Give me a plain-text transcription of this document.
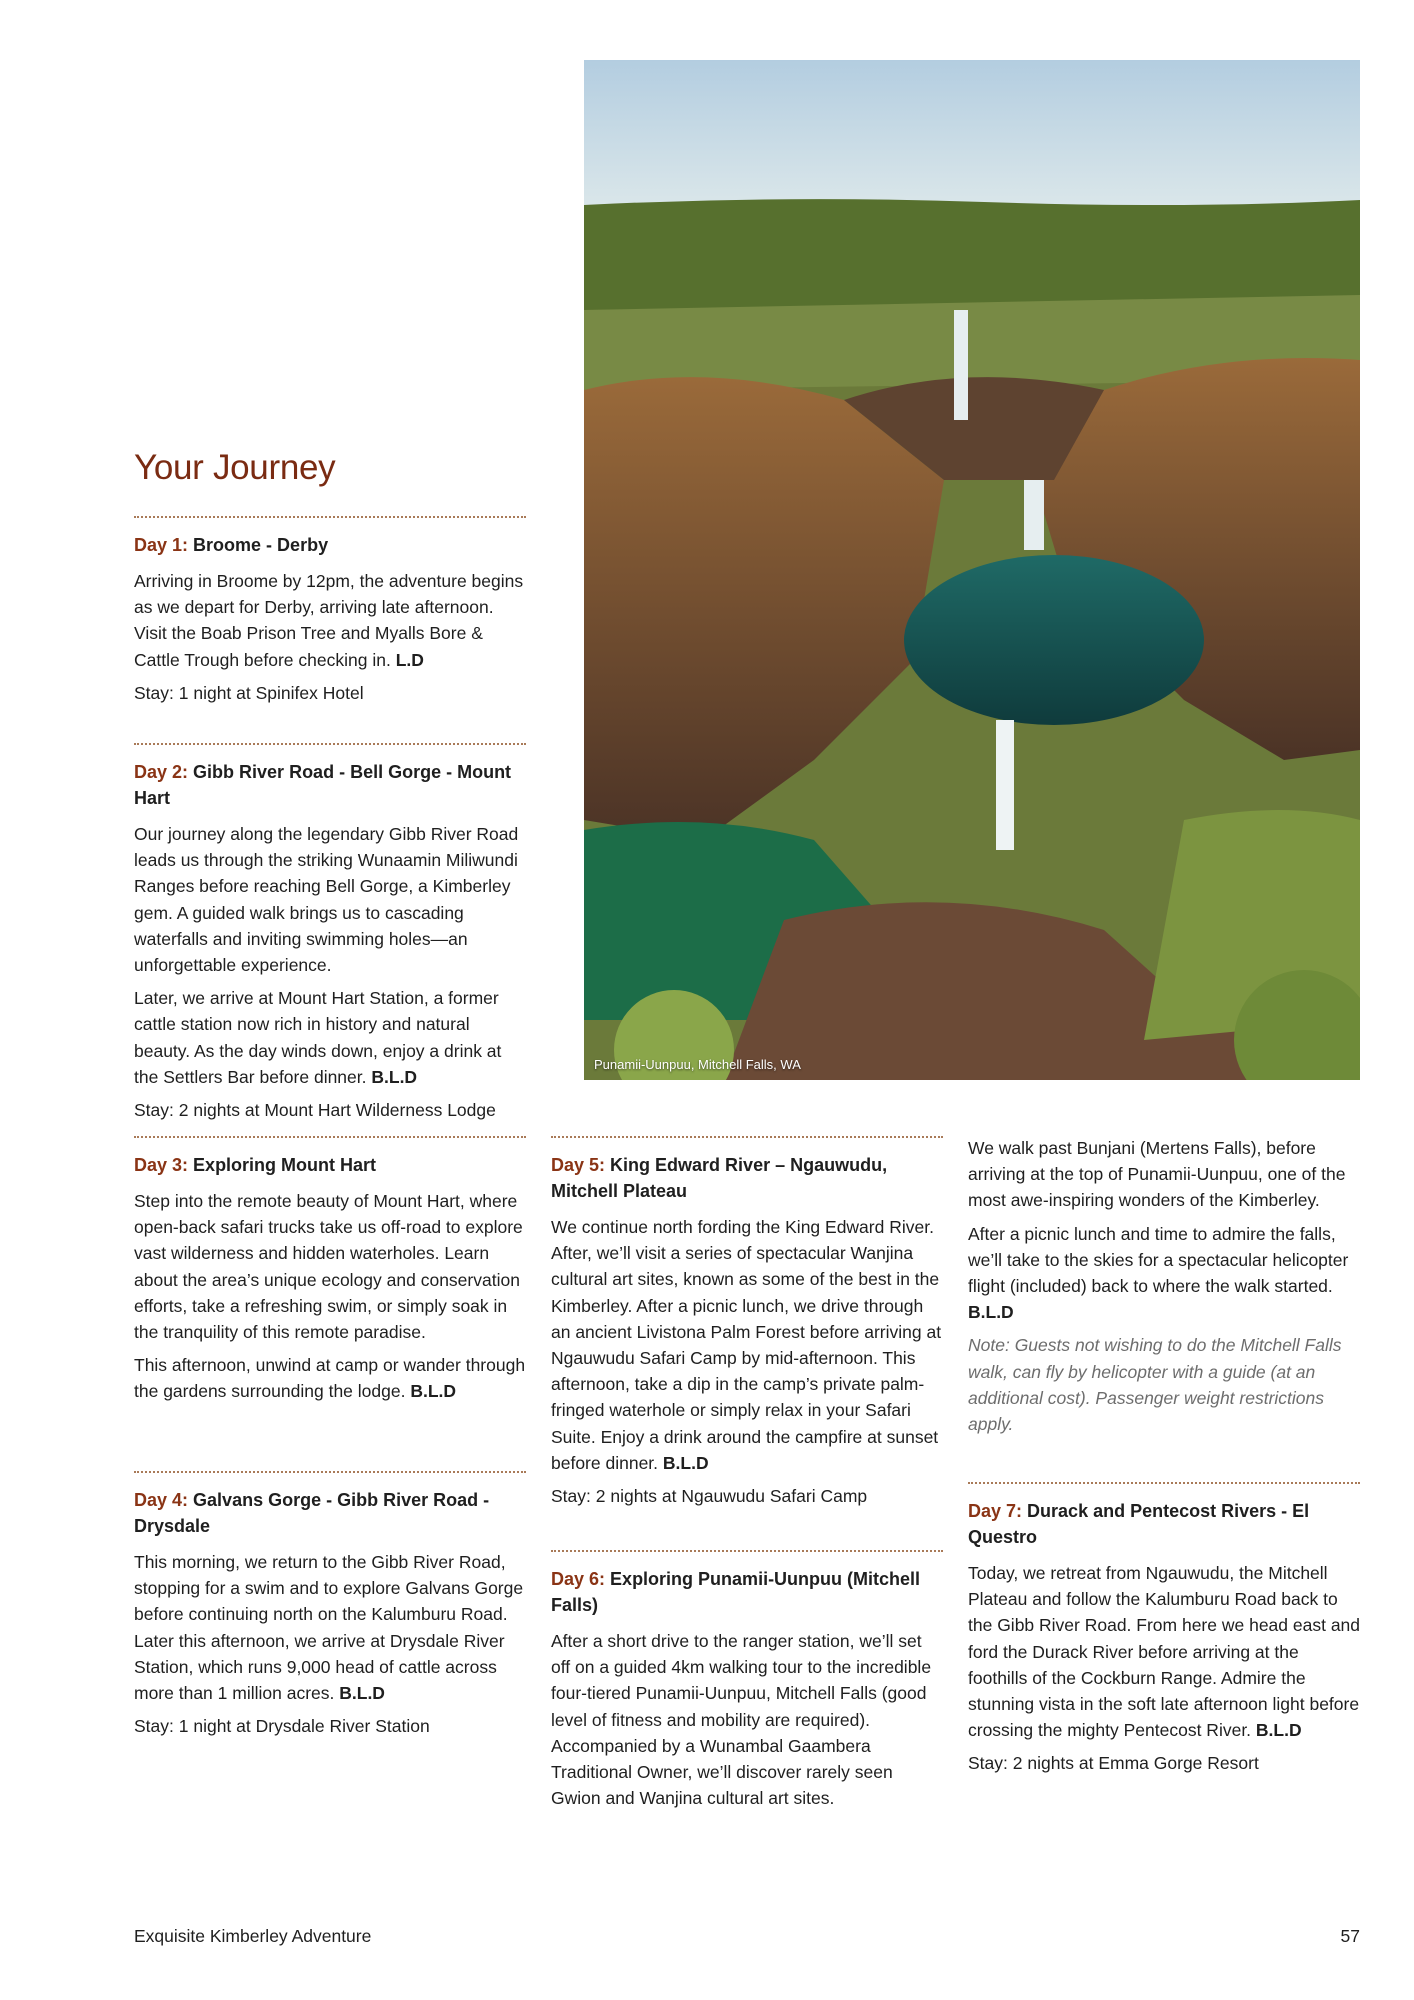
Punamii-Uunpuu, Mitchell Falls, WA
Your Journey
Day 1: Broome - Derby

Arriving in Broome by 12pm, the adventure begins as we depart for Derby, arriving late afternoon. Visit the Boab Prison Tree and Myalls Bore & Cattle Trough before checking in. L.D

Stay: 1 night at Spinifex Hotel

Day 2: Gibb River Road - Bell Gorge - Mount Hart

Our journey along the legendary Gibb River Road leads us through the striking Wunaamin Miliwundi Ranges before reaching Bell Gorge, a Kimberley gem. A guided walk brings us to cascading waterfalls and inviting swimming holes—an unforgettable experience.

Later, we arrive at Mount Hart Station, a former cattle station now rich in history and natural beauty. As the day winds down, enjoy a drink at the Settlers Bar before dinner. B.L.D

Stay: 2 nights at Mount Hart Wilderness Lodge

Day 3: Exploring Mount Hart

Step into the remote beauty of Mount Hart, where open-back safari trucks take us off-road to explore vast wilderness and hidden waterholes. Learn about the area’s unique ecology and conservation efforts, take a refreshing swim, or simply soak in the tranquility of this remote paradise.

This afternoon, unwind at camp or wander through the gardens surrounding the lodge. B.L.D

Day 4: Galvans Gorge - Gibb River Road - Drysdale

This morning, we return to the Gibb River Road, stopping for a swim and to explore Galvans Gorge before continuing north on the Kalumburu Road. Later this afternoon, we arrive at Drysdale River Station, which runs 9,000 head of cattle across more than 1 million acres. B.L.D

Stay: 1 night at Drysdale River Station

Day 5: King Edward River – Ngauwudu, Mitchell Plateau

We continue north fording the King Edward River. After, we’ll visit a series of spectacular Wanjina cultural art sites, known as some of the best in the Kimberley. After a picnic lunch, we drive through an ancient Livistona Palm Forest before arriving at Ngauwudu Safari Camp by mid-afternoon. This afternoon, take a dip in the camp’s private palm-fringed waterhole or simply relax in your Safari Suite. Enjoy a drink around the campfire at sunset before dinner. B.L.D

Stay: 2 nights at Ngauwudu Safari Camp

Day 6: Exploring Punamii-Uunpuu (Mitchell Falls)

After a short drive to the ranger station, we’ll set off on a guided 4km walking tour to the incredible four-tiered Punamii-Uunpuu, Mitchell Falls (good level of fitness and mobility are required). Accompanied by a Wunambal Gaambera Traditional Owner, we’ll discover rarely seen Gwion and Wanjina cultural art sites.

We walk past Bunjani (Mertens Falls), before arriving at the top of Punamii-Uunpuu, one of the most awe-inspiring wonders of the Kimberley.

After a picnic lunch and time to admire the falls, we’ll take to the skies for a spectacular helicopter flight (included) back to where the walk started. B.L.D

Note: Guests not wishing to do the Mitchell Falls walk, can fly by helicopter with a guide (at an additional cost). Passenger weight restrictions apply.

Day 7: Durack and Pentecost Rivers - El Questro

Today, we retreat from Ngauwudu, the Mitchell Plateau and follow the Kalumburu Road back to the Gibb River Road. From here we head east and ford the Durack River before arriving at the foothills of the Cockburn Range. Admire the stunning vista in the soft late afternoon light before crossing the mighty Pentecost River. B.L.D

Stay: 2 nights at Emma Gorge Resort

Exquisite Kimberley Adventure	57
